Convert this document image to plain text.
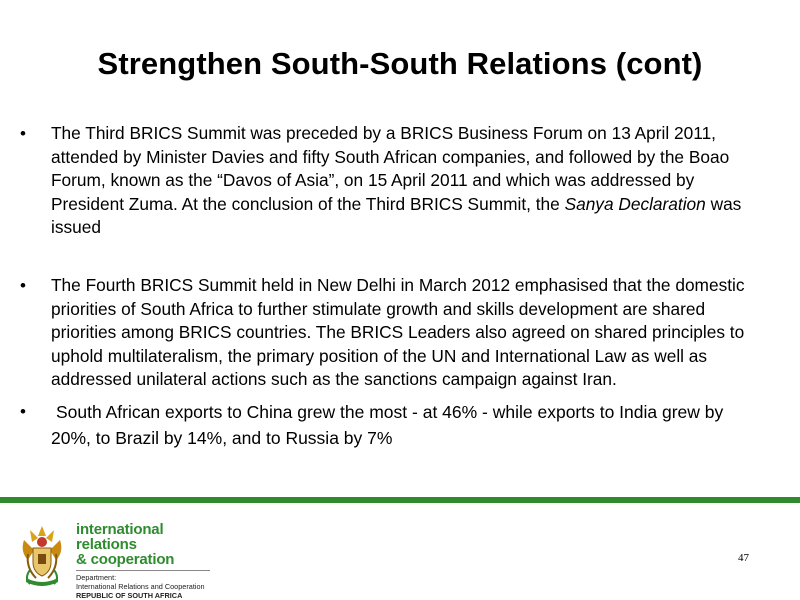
Strengthen South-South Relations (cont)
• The Third BRICS Summit was preceded by a BRICS Business Forum on 13 April 2011, attended by Minister Davies and fifty South African companies, and followed by the Boao Forum, known as the “Davos of Asia”, on 15 April 2011 and which was addressed by President Zuma. At the conclusion of the Third BRICS Summit, the Sanya Declaration was issued
• The Fourth BRICS Summit held in New Delhi in March 2012 emphasised that the domestic priorities of South Africa to further stimulate growth and skills development are shared priorities among BRICS countries. The BRICS Leaders also agreed on shared principles to uphold multilateralism, the primary position of the UN and International Law as well as addressed unilateral actions such as the sanctions campaign against Iran.
• South African exports to China grew the most - at 46% - while exports to India grew by 20%, to Brazil by 14%, and to Russia by 7%
international relations
& cooperation
Department:
International Relations and Cooperation
REPUBLIC OF SOUTH AFRICA
47
